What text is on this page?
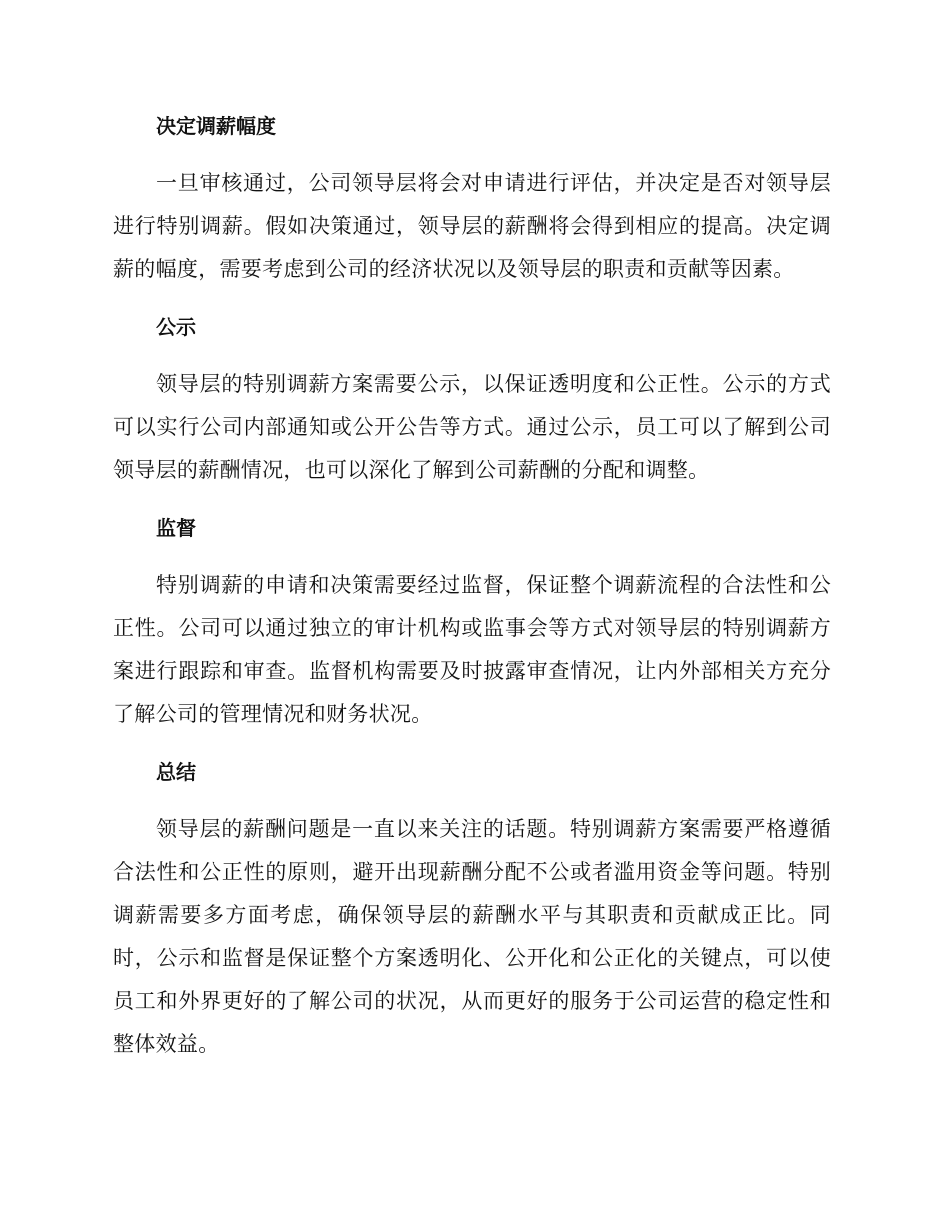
决定调薪幅度

一旦审核通过，公司领导层将会对申请进行评估，并决定是否对领导层进行特别调薪。假如决策通过，领导层的薪酬将会得到相应的提高。决定调薪的幅度，需要考虑到公司的经济状况以及领导层的职责和贡献等因素。

公示

领导层的特别调薪方案需要公示，以保证透明度和公正性。公示的方式可以实行公司内部通知或公开公告等方式。通过公示，员工可以了解到公司领导层的薪酬情况，也可以深化了解到公司薪酬的分配和调整。

监督

特别调薪的申请和决策需要经过监督，保证整个调薪流程的合法性和公正性。公司可以通过独立的审计机构或监事会等方式对领导层的特别调薪方案进行跟踪和审查。监督机构需要及时披露审查情况，让内外部相关方充分了解公司的管理情况和财务状况。

总结

领导层的薪酬问题是一直以来关注的话题。特别调薪方案需要严格遵循合法性和公正性的原则，避开出现薪酬分配不公或者滥用资金等问题。特别调薪需要多方面考虑，确保领导层的薪酬水平与其职责和贡献成正比。同时，公示和监督是保证整个方案透明化、公开化和公正化的关键点，可以使员工和外界更好的了解公司的状况，从而更好的服务于公司运营的稳定性和整体效益。
